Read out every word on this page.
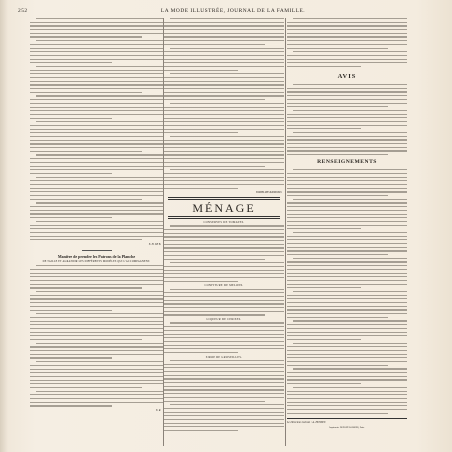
252	LA MODE ILLUSTRÉE, JOURNAL DE LA FAMILLE.

E. H. DE B.

Manière de prendre les Patrons de la Planche
DE TAILLE ET AGRANDIR LES DIFFÉRENTS MODÈLES QUI L'ACCOMPAGNENT.

E. R.

EMMELINE RAYMOND.

MÉNAGE
CONSERVES DE TOMATES.
CONFITURE DE MELONS.
LIQUEUR DE CERISES.
SIROP DE GROSEILLES.
AVIS
RENSEIGNEMENTS
Le Directeur-Gérant : A. HUSSET.
Imprimerie DUPONT-BARBIER, Paris.
